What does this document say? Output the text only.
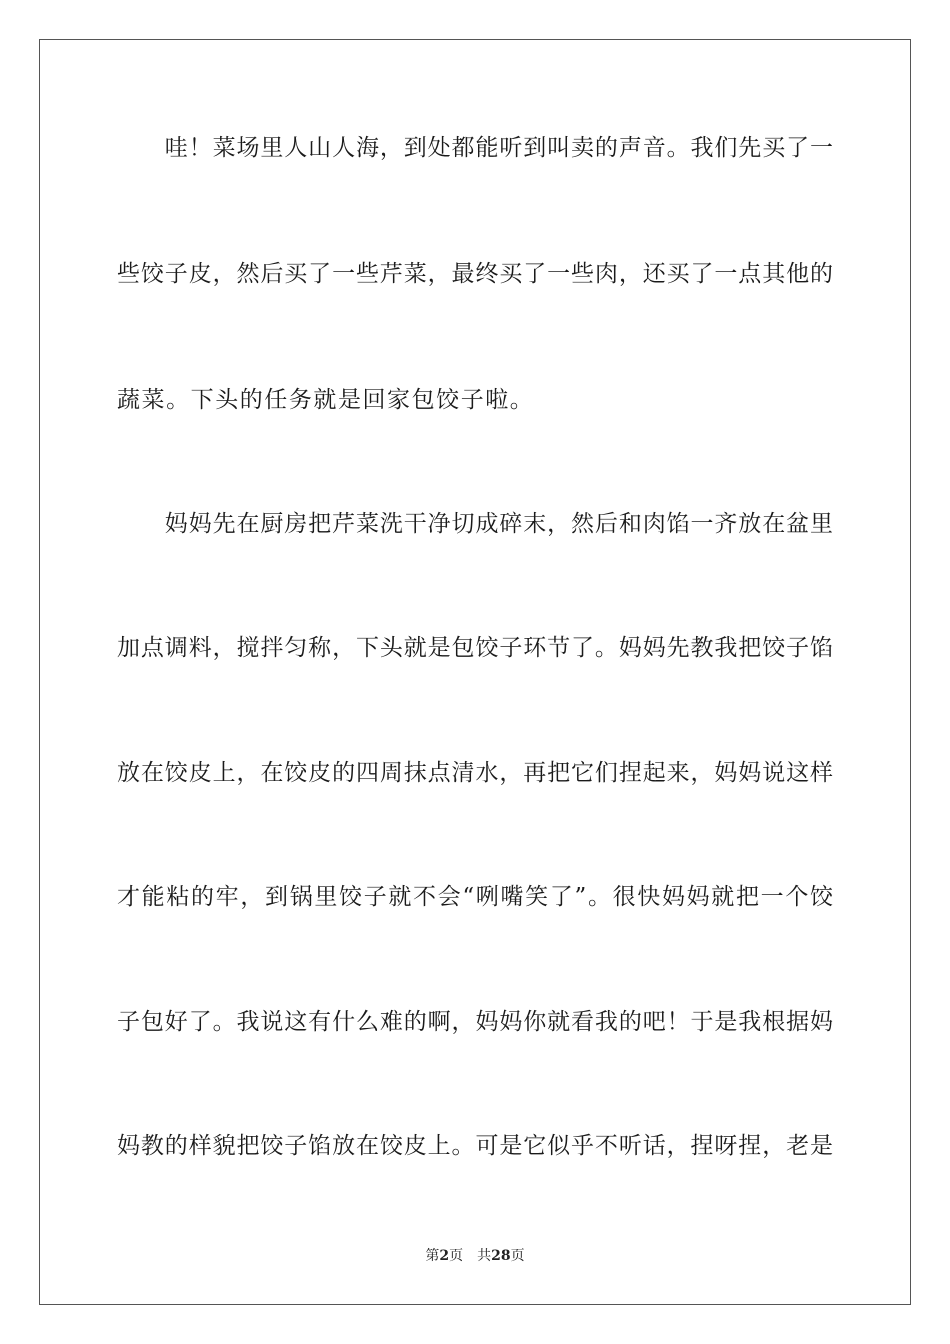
　　哇！菜场里人山人海，到处都能听到叫卖的声音。我们先买了一
些饺子皮，然后买了一些芹菜，最终买了一些肉，还买了一点其他的
蔬菜。下头的任务就是回家包饺子啦。
　　妈妈先在厨房把芹菜洗干净切成碎末，然后和肉馅一齐放在盆里
加点调料，搅拌匀称，下头就是包饺子环节了。妈妈先教我把饺子馅
放在饺皮上，在饺皮的四周抹点清水，再把它们捏起来，妈妈说这样
才能粘的牢，到锅里饺子就不会“咧嘴笑了”。很快妈妈就把一个饺
子包好了。我说这有什么难的啊，妈妈你就看我的吧！于是我根据妈
妈教的样貌把饺子馅放在饺皮上。可是它似乎不听话，捏呀捏，老是
第2页 共28页
